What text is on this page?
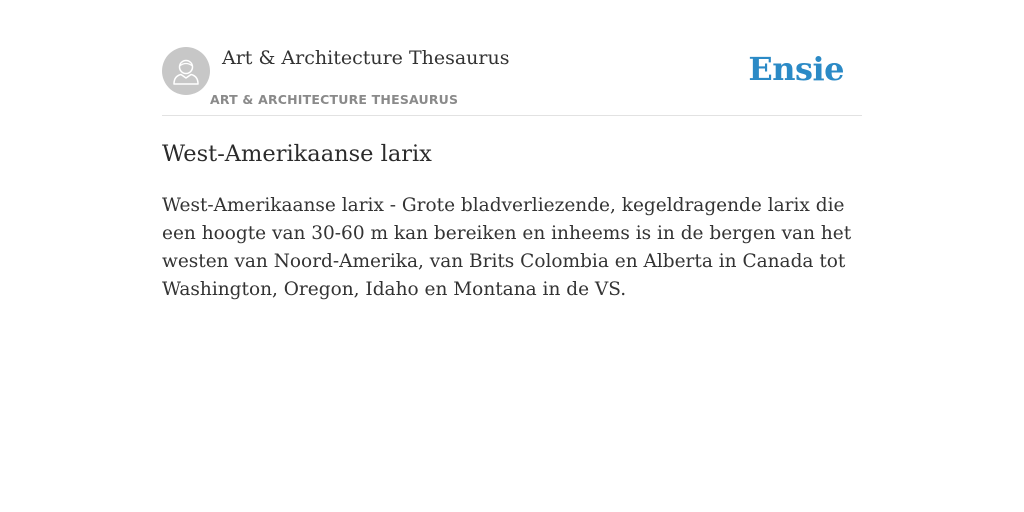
Art & Architecture Thesaurus
ART & ARCHITECTURE THESAURUS
Ensie
West-Amerikaanse larix

West-Amerikaanse larix - Grote bladverliezende, kegeldragende larix die een hoogte van 30-60 m kan bereiken en inheems is in de bergen van het westen van Noord-Amerika, van Brits Colombia en Alberta in Canada tot Washington, Oregon, Idaho en Montana in de VS.
